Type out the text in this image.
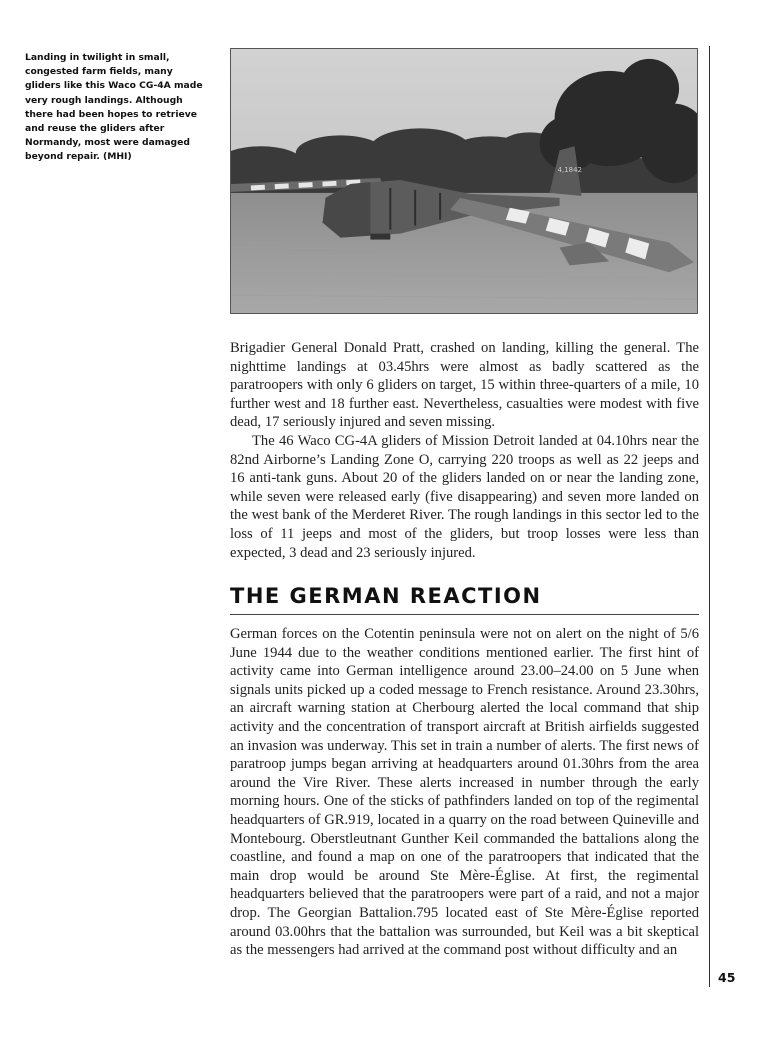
Landing in twilight in small, congested farm fields, many gliders like this Waco CG-4A made very rough landings. Although there had been hopes to retrieve and reuse the gliders after Normandy, most were damaged beyond repair. (MHI)

4,1842

Brigadier General Donald Pratt, crashed on landing, killing the general. The nighttime landings at 03.45hrs were almost as badly scattered as the paratroopers with only 6 gliders on target, 15 within three-quarters of a mile, 10 further west and 18 further east. Nevertheless, casualties were modest with five dead, 17 seriously injured and seven missing.

The 46 Waco CG-4A gliders of Mission Detroit landed at 04.10hrs near the 82nd Airborne’s Landing Zone O, carrying 220 troops as well as 22 jeeps and 16 anti-tank guns. About 20 of the gliders landed on or near the landing zone, while seven were released early (five disappearing) and seven more landed on the west bank of the Merderet River. The rough landings in this sector led to the loss of 11 jeeps and most of the gliders, but troop losses were less than expected, 3 dead and 23 seriously injured.

THE GERMAN REACTION

German forces on the Cotentin peninsula were not on alert on the night of 5/6 June 1944 due to the weather conditions mentioned earlier. The first hint of activity came into German intelligence around 23.00–24.00 on 5 June when signals units picked up a coded message to French resistance. Around 23.30hrs, an aircraft warning station at Cherbourg alerted the local command that ship activity and the concentration of transport aircraft at British airfields suggested an invasion was underway. This set in train a number of alerts. The first news of paratroop jumps began arriving at headquarters around 01.30hrs from the area around the Vire River. These alerts increased in number through the early morning hours. One of the sticks of pathfinders landed on top of the regimental headquarters of GR.919, located in a quarry on the road between Quineville and Montebourg. Oberstleutnant Gunther Keil commanded the battalions along the coastline, and found a map on one of the paratroopers that indicated that the main drop would be around Ste Mère-Église. At first, the regimental headquarters believed that the paratroopers were part of a raid, and not a major drop. The Georgian Battalion.795 located east of Ste Mère-Église reported around 03.00hrs that the battalion was surrounded, but Keil was a bit skeptical as the messengers had arrived at the command post without difficulty and an

45
